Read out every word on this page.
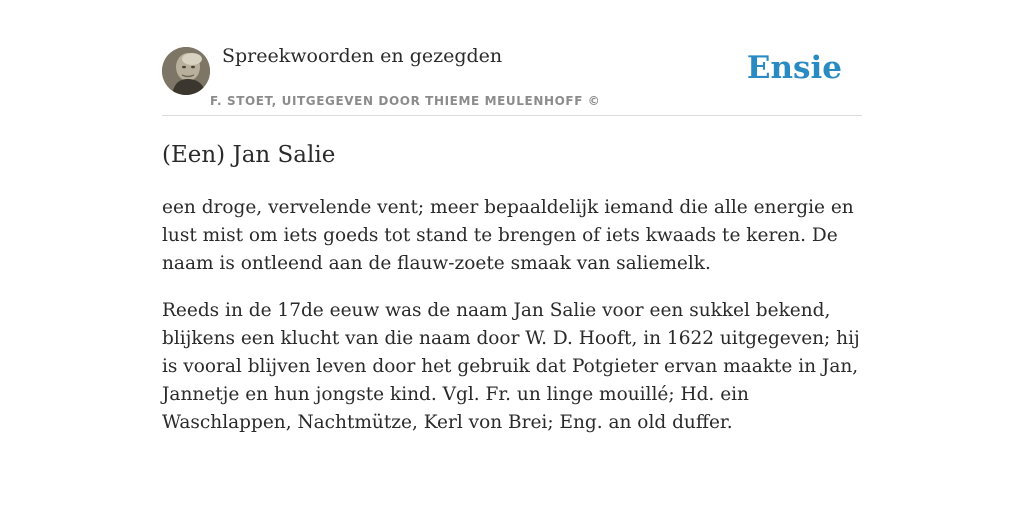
Spreekwoorden en gezegden
F. STOET, UITGEGEVEN DOOR THIEME MEULENHOFF ©
Ensie
(Een) Jan Salie

een droge, vervelende vent; meer bepaaldelijk iemand die alle energie en lust mist om iets goeds tot stand te brengen of iets kwaads te keren. De naam is ontleend aan de flauw-zoete smaak van saliemelk.

Reeds in de 17de eeuw was de naam Jan Salie voor een sukkel bekend, blijkens een klucht van die naam door W. D. Hooft, in 1622 uitgegeven; hij is vooral blijven leven door het gebruik dat Potgieter ervan maakte in Jan, Jannetje en hun jongste kind. Vgl. Fr. un linge mouillé; Hd. ein Waschlappen, Nachtmütze, Kerl von Brei; Eng. an old duffer.
